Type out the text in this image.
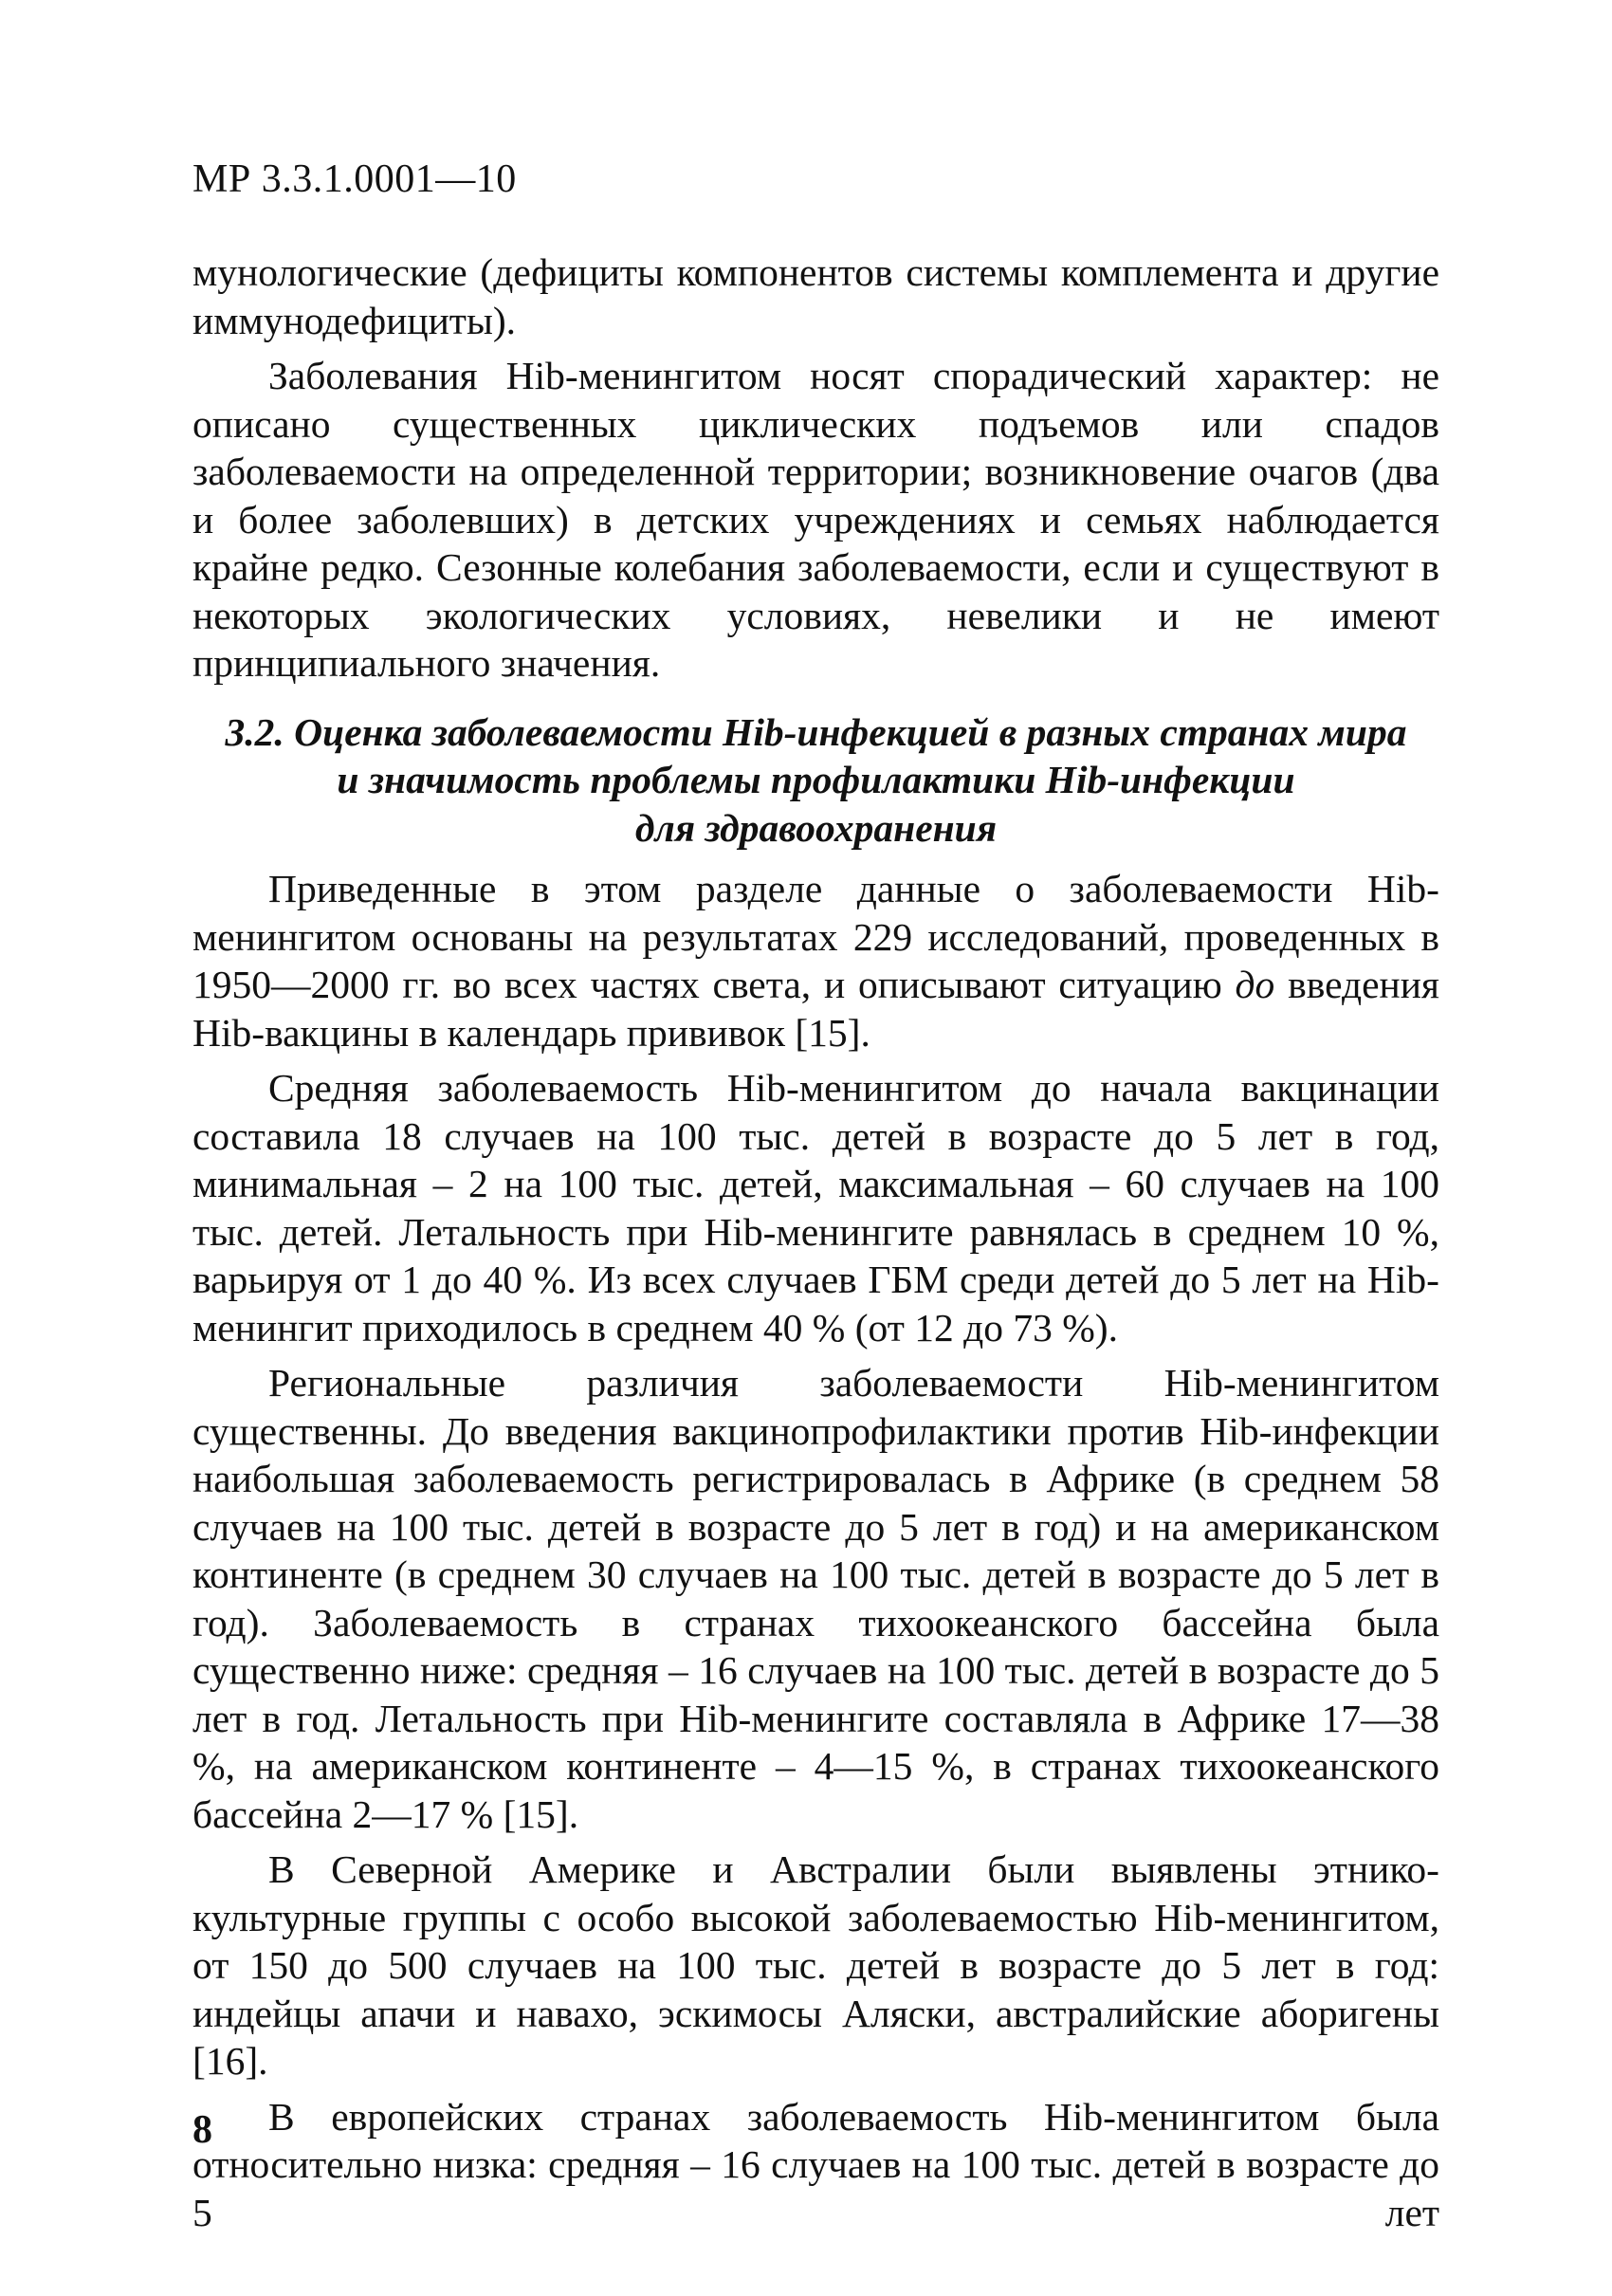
МР 3.3.1.0001—10

мунологические (дефициты компонентов системы комплемента и другие иммунодефициты).

Заболевания Hib-менингитом носят спорадический характер: не описано существенных циклических подъемов или спадов заболеваемости на определенной территории; возникновение очагов (два и более заболевших) в детских учреждениях и семьях наблюдается крайне редко. Сезонные колебания заболеваемости, если и существуют в некоторых экологических условиях, невелики и не имеют принципиального значения.

3.2. Оценка заболеваемости Hib-инфекцией в разных странах мира
и значимость проблемы профилактики Hib-инфекции
для здравоохранения

Приведенные в этом разделе данные о заболеваемости Hib-менингитом основаны на результатах 229 исследований, проведенных в 1950—2000 гг. во всех частях света, и описывают ситуацию до введения Hib-вакцины в календарь прививок [15].

Средняя заболеваемость Hib-менингитом до начала вакцинации составила 18 случаев на 100 тыс. детей в возрасте до 5 лет в год, минимальная – 2 на 100 тыс. детей, максимальная – 60 случаев на 100 тыс. детей. Летальность при Hib-менингите равнялась в среднем 10 %, варьируя от 1 до 40 %. Из всех случаев ГБМ среди детей до 5 лет на Hib-менингит приходилось в среднем 40 % (от 12 до 73 %).

Региональные различия заболеваемости Hib-менингитом существенны. До введения вакцинопрофилактики против Hib-инфекции наибольшая заболеваемость регистрировалась в Африке (в среднем 58 случаев на 100 тыс. детей в возрасте до 5 лет в год) и на американском континенте (в среднем 30 случаев на 100 тыс. детей в возрасте до 5 лет в год). Заболеваемость в странах тихоокеанского бассейна была существенно ниже: средняя – 16 случаев на 100 тыс. детей в возрасте до 5 лет в год. Летальность при Hib-менингите составляла в Африке 17—38 %, на американском континенте – 4—15 %, в странах тихоокеанского бассейна 2—17 % [15].

В Северной Америке и Австралии были выявлены этнико-культурные группы с особо высокой заболеваемостью Hib-менингитом, от 150 до 500 случаев на 100 тыс. детей в возрасте до 5 лет в год: индейцы апачи и навахо, эскимосы Аляски, австралийские аборигены [16].

В европейских странах заболеваемость Hib-менингитом была относительно низка: средняя – 16 случаев на 100 тыс. детей в возрасте до 5 лет

8
